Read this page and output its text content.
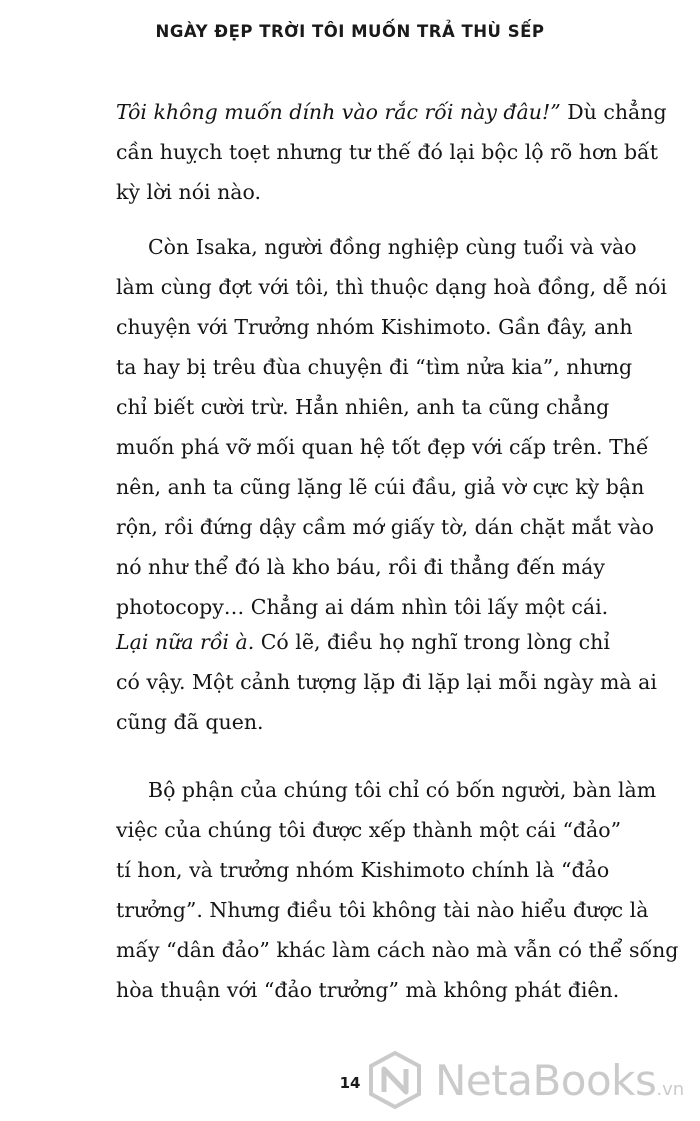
NGÀY ĐẸP TRỜI TÔI MUỐN TRẢ THÙ SẾP
Tôi không muốn dính vào rắc rối này đâu!” Dù chẳng
cần huỵch toẹt nhưng tư thế đó lại bộc lộ rõ hơn bất
kỳ lời nói nào.
Còn Isaka, người đồng nghiệp cùng tuổi và vào
làm cùng đợt với tôi, thì thuộc dạng hoà đồng, dễ nói
chuyện với Trưởng nhóm Kishimoto. Gần đây, anh
ta hay bị trêu đùa chuyện đi “tìm nửa kia”, nhưng
chỉ biết cười trừ. Hẳn nhiên, anh ta cũng chẳng
muốn phá vỡ mối quan hệ tốt đẹp với cấp trên. Thế
nên, anh ta cũng lặng lẽ cúi đầu, giả vờ cực kỳ bận
rộn, rồi đứng dậy cầm mớ giấy tờ, dán chặt mắt vào
nó như thể đó là kho báu, rồi đi thẳng đến máy
photocopy… Chẳng ai dám nhìn tôi lấy một cái.
Lại nữa rồi à. Có lẽ, điều họ nghĩ trong lòng chỉ
có vậy. Một cảnh tượng lặp đi lặp lại mỗi ngày mà ai
cũng đã quen.
Bộ phận của chúng tôi chỉ có bốn người, bàn làm
việc của chúng tôi được xếp thành một cái “đảo”
tí hon, và trưởng nhóm Kishimoto chính là “đảo
trưởng”. Nhưng điều tôi không tài nào hiểu được là
mấy “dân đảo” khác làm cách nào mà vẫn có thể sống
hòa thuận với “đảo trưởng” mà không phát điên.
14	NetaBooks.vn
